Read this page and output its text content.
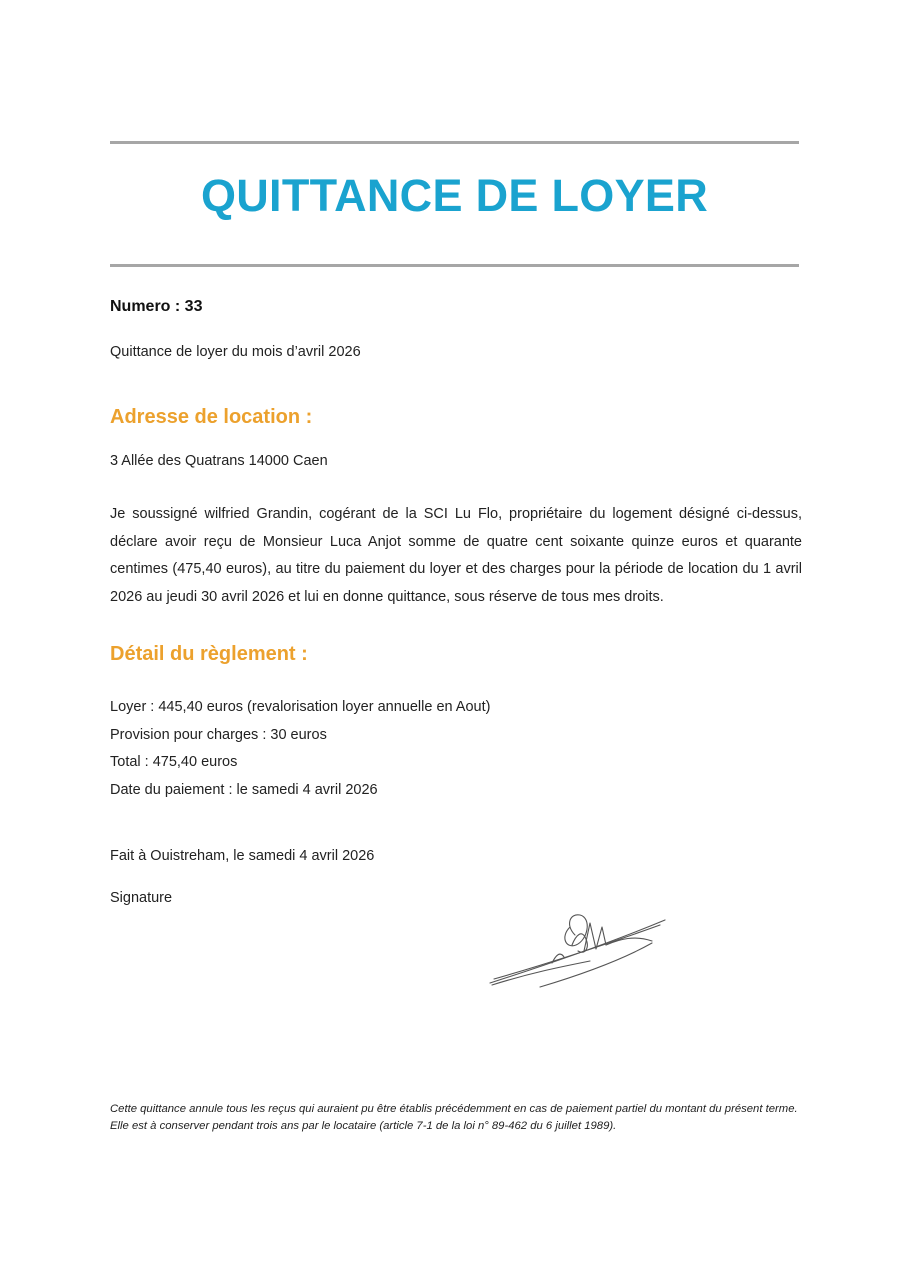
QUITTANCE DE LOYER
Numero : 33

Quittance de loyer du mois d’avril 2026

Adresse de location :

3 Allée des Quatrans 14000 Caen

Je soussigné wilfried Grandin, cogérant de la SCI Lu Flo, propriétaire du logement désigné ci-dessus, déclare avoir reçu de Monsieur Luca Anjot somme de quatre cent soixante quinze euros et quarante centimes (475,40 euros), au titre du paiement du loyer et des charges pour la période de location du 1 avril 2026 au jeudi 30 avril 2026 et lui en donne quittance, sous réserve de tous mes droits.

Détail du règlement :
Loyer : 445,40 euros (revalorisation loyer annuelle en Aout)
Provision pour charges : 30 euros
Total : 475,40 euros
Date du paiement : le samedi 4 avril 2026

Fait à Ouistreham, le samedi 4 avril 2026

Signature

Cette quittance annule tous les reçus qui auraient pu être établis précédemment en cas de paiement partiel du montant du présent terme. Elle est à conserver pendant trois ans par le locataire (article 7-1 de la loi n° 89-462 du 6 juillet 1989).
